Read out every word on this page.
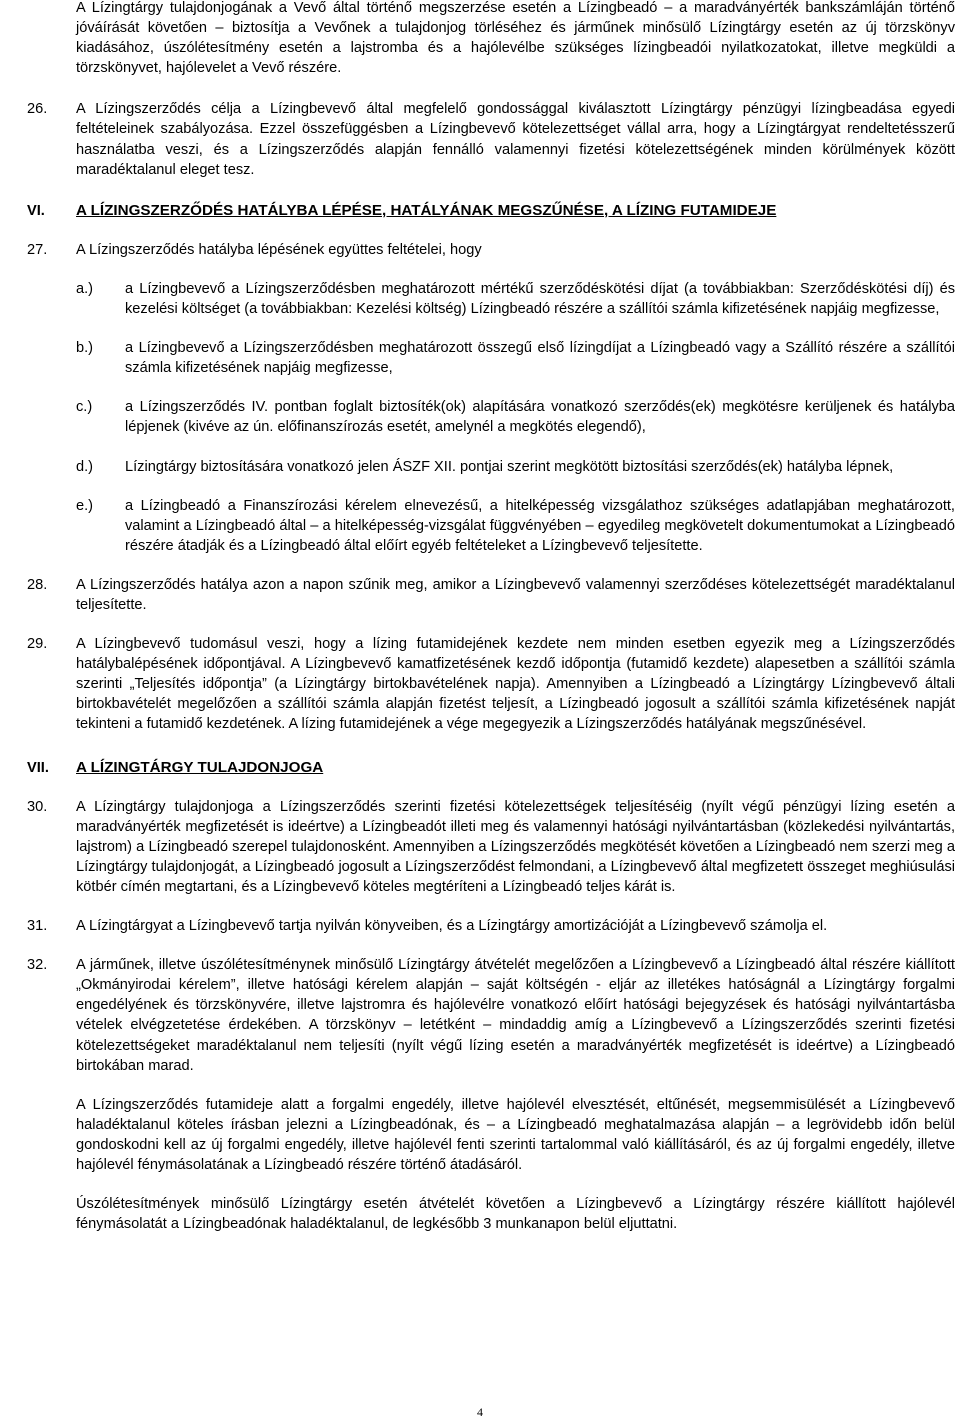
A Lízingtárgy tulajdonjogának a Vevő által történő megszerzése esetén a Lízingbeadó – a maradványérték bankszámláján történő jóváírását követően – biztosítja a Vevőnek a tulajdonjog törléséhez és járműnek minősülő Lízingtárgy esetén az új törzskönyv kiadásához, úszólétesítmény esetén a lajstromba és a hajólevélbe szükséges lízingbeadói nyilatkozatokat, illetve megküldi a törzskönyvet, hajólevelet a Vevő részére.

26. A Lízingszerződés célja a Lízingbevevő által megfelelő gondossággal kiválasztott Lízingtárgy pénzügyi lízingbeadása egyedi feltételeinek szabályozása. Ezzel összefüggésben a Lízingbevevő kötelezettséget vállal arra, hogy a Lízingtárgyat rendeltetésszerű használatba veszi, és a Lízingszerződés alapján fennálló valamennyi fizetési kötelezettségének minden körülmények között maradéktalanul eleget tesz.
VI. A LÍZINGSZERZŐDÉS HATÁLYBA LÉPÉSE, HATÁLYÁNAK MEGSZŰNÉSE, A LÍZING FUTAMIDEJE
27. A Lízingszerződés hatályba lépésének együttes feltételei, hogy
a.) a Lízingbevevő a Lízingszerződésben meghatározott mértékű szerződéskötési díjat (a továbbiakban: Szerződéskötési díj) és kezelési költséget (a továbbiakban: Kezelési költség) Lízingbeadó részére a szállítói számla kifizetésének napjáig megfizesse,
b.) a Lízingbevevő a Lízingszerződésben meghatározott összegű első lízingdíjat a Lízingbeadó vagy a Szállító részére a szállítói számla kifizetésének napjáig megfizesse,
c.) a Lízingszerződés IV. pontban foglalt biztosíték(ok) alapítására vonatkozó szerződés(ek) megkötésre kerüljenek és hatályba lépjenek (kivéve az ún. előfinanszírozás esetét, amelynél a megkötés elegendő),
d.) Lízingtárgy biztosítására vonatkozó jelen ÁSZF XII. pontjai szerint megkötött biztosítási szerződés(ek) hatályba lépnek,
e.) a Lízingbeadó a Finanszírozási kérelem elnevezésű, a hitelképesség vizsgálathoz szükséges adatlapjában meghatározott, valamint a Lízingbeadó által – a hitelképesség-vizsgálat függvényében – egyedileg megkövetelt dokumentumokat a Lízingbeadó részére átadják és a Lízingbeadó által előírt egyéb feltételeket a Lízingbevevő teljesítette.
28. A Lízingszerződés hatálya azon a napon szűnik meg, amikor a Lízingbevevő valamennyi szerződéses kötelezettségét maradéktalanul teljesítette.
29. A Lízingbevevő tudomásul veszi, hogy a lízing futamidejének kezdete nem minden esetben egyezik meg a Lízingszerződés hatálybalépésének időpontjával. A Lízingbevevő kamatfizetésének kezdő időpontja (futamidő kezdete) alapesetben a szállítói számla szerinti „Teljesítés időpontja” (a Lízingtárgy birtokbavételének napja). Amennyiben a Lízingbeadó a Lízingtárgy Lízingbevevő általi birtokbavételét megelőzően a szállítói számla alapján fizetést teljesít, a Lízingbeadó jogosult a szállítói számla kifizetésének napját tekinteni a futamidő kezdetének. A lízing futamidejének a vége megegyezik a Lízingszerződés hatályának megszűnésével.
VII. A LÍZINGTÁRGY TULAJDONJOGA
30. A Lízingtárgy tulajdonjoga a Lízingszerződés szerinti fizetési kötelezettségek teljesítéséig (nyílt végű pénzügyi lízing esetén a maradványérték megfizetését is ideértve) a Lízingbeadót illeti meg és valamennyi hatósági nyilvántartásban (közlekedési nyilvántartás, lajstrom) a Lízingbeadó szerepel tulajdonosként. Amennyiben a Lízingszerződés megkötését követően a Lízingbeadó nem szerzi meg a Lízingtárgy tulajdonjogát, a Lízingbeadó jogosult a Lízingszerződést felmondani, a Lízingbevevő által megfizetett összeget meghiúsulási kötbér címén megtartani, és a Lízingbevevő köteles megtéríteni a Lízingbeadó teljes kárát is.
31. A Lízingtárgyat a Lízingbevevő tartja nyilván könyveiben, és a Lízingtárgy amortizációját a Lízingbevevő számolja el.
32. A járműnek, illetve úszólétesítménynek minősülő Lízingtárgy átvételét megelőzően a Lízingbevevő a Lízingbeadó által részére kiállított „Okmányirodai kérelem”, illetve hatósági kérelem alapján – saját költségén - eljár az illetékes hatóságnál a Lízingtárgy forgalmi engedélyének és törzskönyvére, illetve lajstromra és hajólevélre vonatkozó előírt hatósági bejegyzések és hatósági nyilvántartásba vételek elvégzetetése érdekében. A törzskönyv – letétként – mindaddig amíg a Lízingbevevő a Lízingszerződés szerinti fizetési kötelezettségeket maradéktalanul nem teljesíti (nyílt végű lízing esetén a maradványérték megfizetését is ideértve) a Lízingbeadó birtokában marad.
A Lízingszerződés futamideje alatt a forgalmi engedély, illetve hajólevél elvesztését, eltűnését, megsemmisülését a Lízingbevevő haladéktalanul köteles írásban jelezni a Lízingbeadónak, és – a Lízingbeadó meghatalmazása alapján – a legrövidebb időn belül gondoskodni kell az új forgalmi engedély, illetve hajólevél fenti szerinti tartalommal való kiállításáról, és az új forgalmi engedély, illetve hajólevél fénymásolatának a Lízingbeadó részére történő átadásáról.
Úszólétesítmények minősülő Lízingtárgy esetén átvételét követően a Lízingbevevő a Lízingtárgy részére kiállított hajólevél fénymásolatát a Lízingbeadónak haladéktalanul, de legkésőbb 3 munkanapon belül eljuttatni.
4
